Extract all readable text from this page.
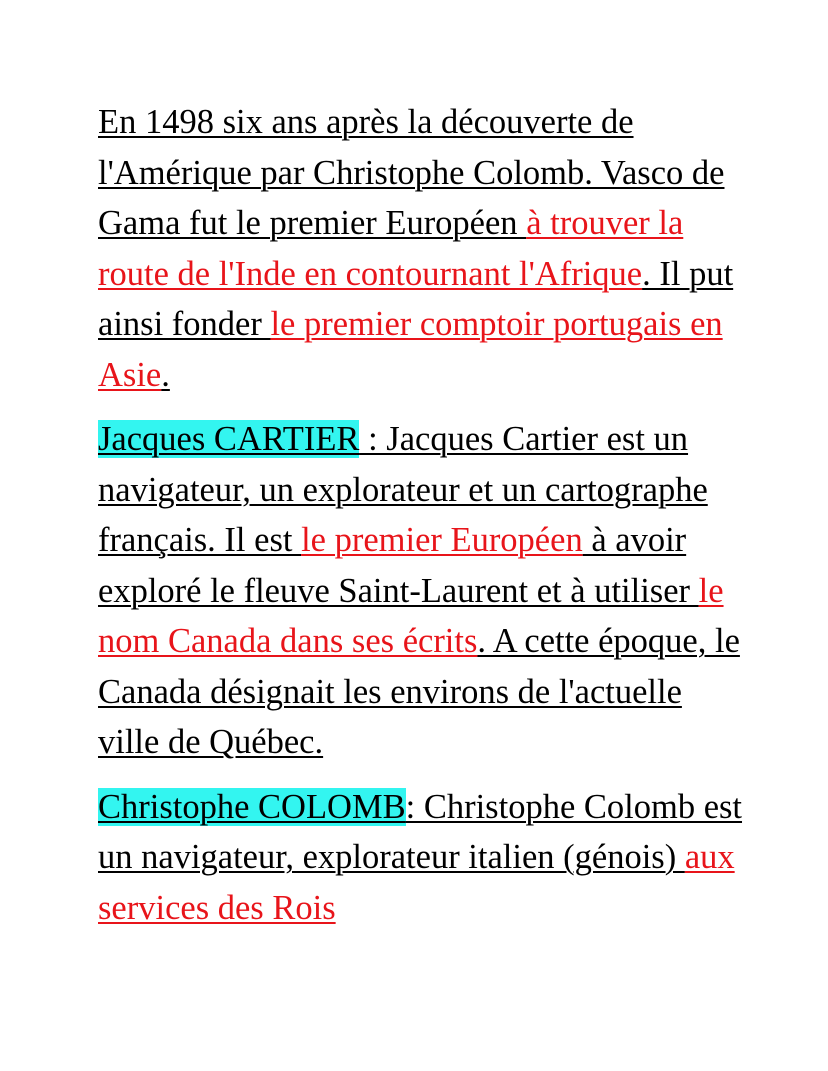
En 1498 six ans après la découverte de l'Amérique par Christophe Colomb. Vasco de Gama fut le premier Européen à trouver la route de l'Inde en contournant l'Afrique. Il put ainsi fonder le premier comptoir portugais en Asie.

Jacques CARTIER : Jacques Cartier est un navigateur, un explorateur et un cartographe français. Il est le premier Européen à avoir exploré le fleuve Saint-Laurent et à utiliser le nom Canada dans ses écrits. A cette époque, le Canada désignait les environs de l'actuelle ville de Québec.

Christophe COLOMB: Christophe Colomb est un navigateur, explorateur italien (génois) aux services des Rois
